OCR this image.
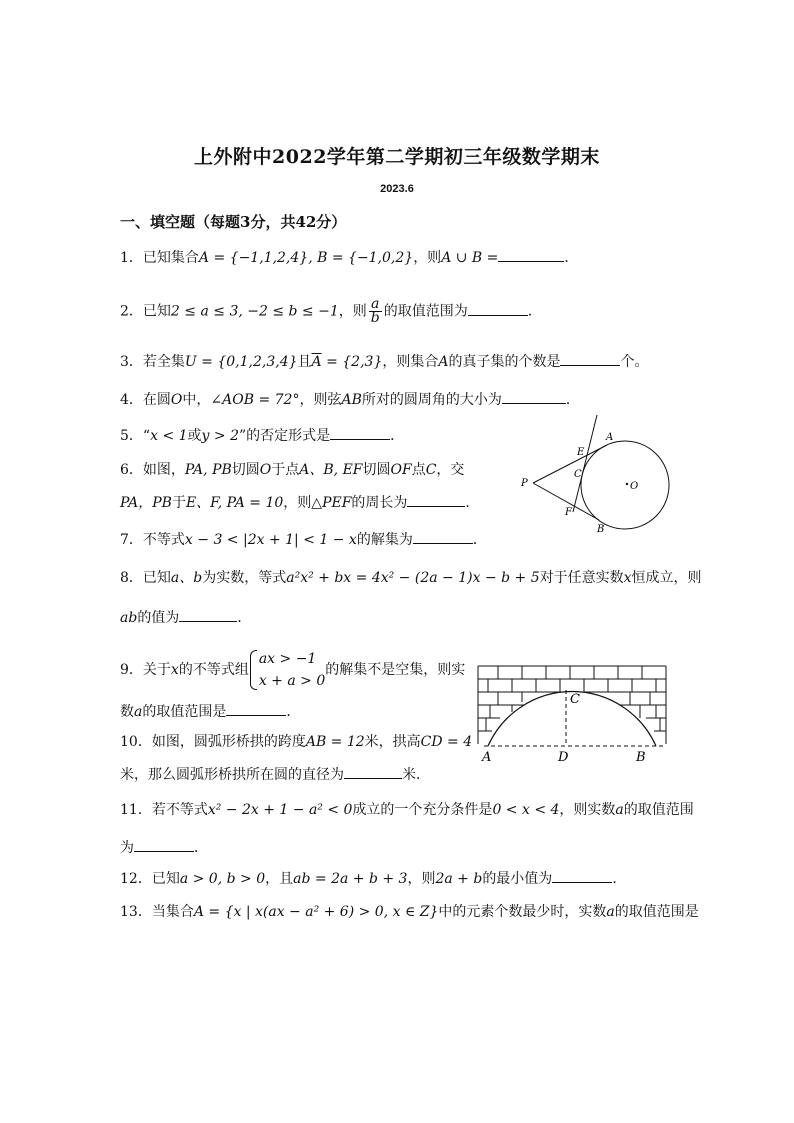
上外附中2022学年第二学期初三年级数学期末
2023.6
一、填空题（每题3分，共42分）
1．已知集合A = {−1,1,2,4}, B = {−1,0,2}，则A ∪ B =	．
2．已知2 ≤ a ≤ 3, −2 ≤ b ≤ −1，则 $\frac{a}{b}$ 的取值范围为	．
3．若全集U = {0,1,2,3,4}且$\overline{A} = \{2,3\}$，则集合A的真子集的个数是	个。
4．在圆O中，∠AOB = 72°，则弦AB所对的圆周角的大小为	．
5．“x < 1或y > 2”的否定形式是	．
6．如图，PA, PB切圆O于点A、B, EF切圆OF点C，交
PA，PB于E、F, PA = 10，则△PEF的周长为	．
P
A
E
C
O
F
B
7．不等式x − 3 < |2x + 1| < 1 − x的解集为	．
8．已知a、b为实数，等式a²x² + bx = 4x² − (2a − 1)x − b + 5对于任意实数x恒成立，则
ab的值为	．
9．关于x的不等式组
ax > −1
x + a > 0
的解集不是空集，则实
数a的取值范围是	．
10．如图，圆弧形桥拱的跨度AB = 12米，拱高CD = 4
米，那么圆弧形桥拱所在圆的直径为	米．
A	D	B
C
11．若不等式x² − 2x + 1 − a² < 0成立的一个充分条件是0 < x < 4，则实数a的取值范围
为	．
12．已知a > 0, b > 0，且ab = 2a + b + 3，则2a + b的最小值为	．
13．当集合A = {x | x(ax − a² + 6) > 0, x ∈ Z}中的元素个数最少时，实数a的取值范围是
